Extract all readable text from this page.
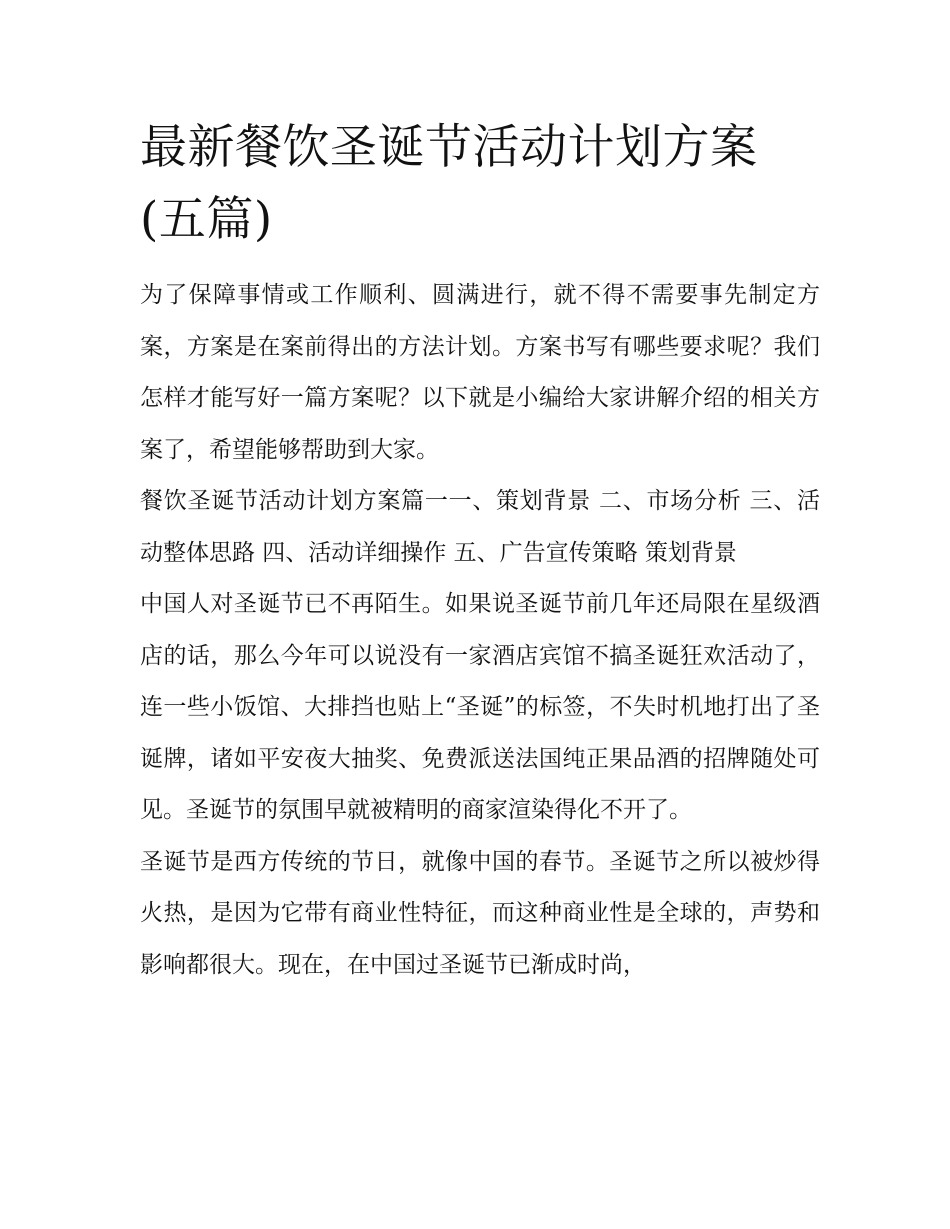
最新餐饮圣诞节活动计划方案(五篇)

为了保障事情或工作顺利、圆满进行，就不得不需要事先制定方案，方案是在案前得出的方法计划。方案书写有哪些要求呢？我们怎样才能写好一篇方案呢？以下就是小编给大家讲解介绍的相关方案了，希望能够帮助到大家。

餐饮圣诞节活动计划方案篇一一、策划背景 二、市场分析 三、活动整体思路 四、活动详细操作 五、广告宣传策略 策划背景

中国人对圣诞节已不再陌生。如果说圣诞节前几年还局限在星级酒店的话，那么今年可以说没有一家酒店宾馆不搞圣诞狂欢活动了，连一些小饭馆、大排挡也贴上“圣诞”的标签，不失时机地打出了圣诞牌，诸如平安夜大抽奖、免费派送法国纯正果品酒的招牌随处可见。圣诞节的氛围早就被精明的商家渲染得化不开了。

圣诞节是西方传统的节日，就像中国的春节。圣诞节之所以被炒得火热，是因为它带有商业性特征，而这种商业性是全球的，声势和影响都很大。现在，在中国过圣诞节已渐成时尚，
